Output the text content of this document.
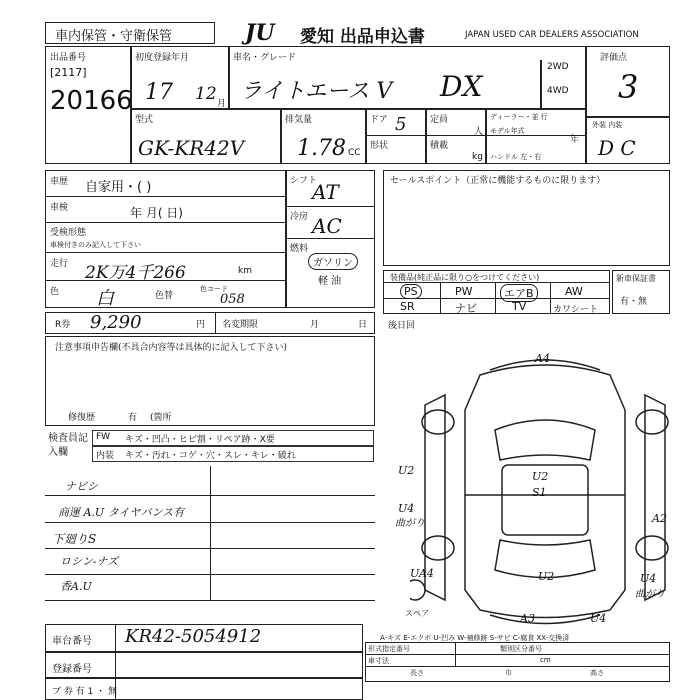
車内保管・守衛保管	JU 愛知 出品申込書	JAPAN USED CAR DEALERS ASSOCIATION
出品番号
[2117]
20166
初度登録年月
17 12 月
型式
GK-KR42V
車名・グレード
ライトエース V DX
2WD
4WD
排気量
1.78 CC
ドア 5
形状
定員
人
積載
kg
ディーラー・並 行
モデル年式
年
ハンドル 左・右
評価点
3
外装 内装
D C
車歴 自家用・( )
車検	年 月( 日)
受検形態
車検付きのみ記入して下さい
走行 2K万4千266	km
色 白	色替
色コード
058
シフト
AT
冷房 AC
燃料
ガソリン
軽 油
セールスポイント（正常に機能するものに限ります）
装備品(純正品に限り○をつけてください)
PS	PW	エアB	AW
SR	ナビ	TV	カワシート
新車保証書
有・無
R券 9,290	円 名変期限	月	日 後日回
注意事項申告欄(不具合内容等は具体的に記入して下さい)
修復歴	有 (箇所
検査員記入欄
FW キズ・凹凸・ヒビ割・リペア跡・X要
内装 キズ・汚れ・コゲ・穴・スレ・キレ・破れ
ナビシ
商運 A.U タイヤバンス有
下廻りS
ロシン-ナズ
香A.U
A4
U2	U2
S1
U4
曲がり	A2
UA4
スペア
U2	U4
曲がり
A3	U4
A-キズ E-エクボ U-凹み W-補修跡 S-サビ C-腐食 XX-交換済
車台番号 KR42-5054912
登録番号
ブ 券 有 1 ・ 無
形式指定番号	類別区分番号
車寸法
長さ	巾	高さ
cm
